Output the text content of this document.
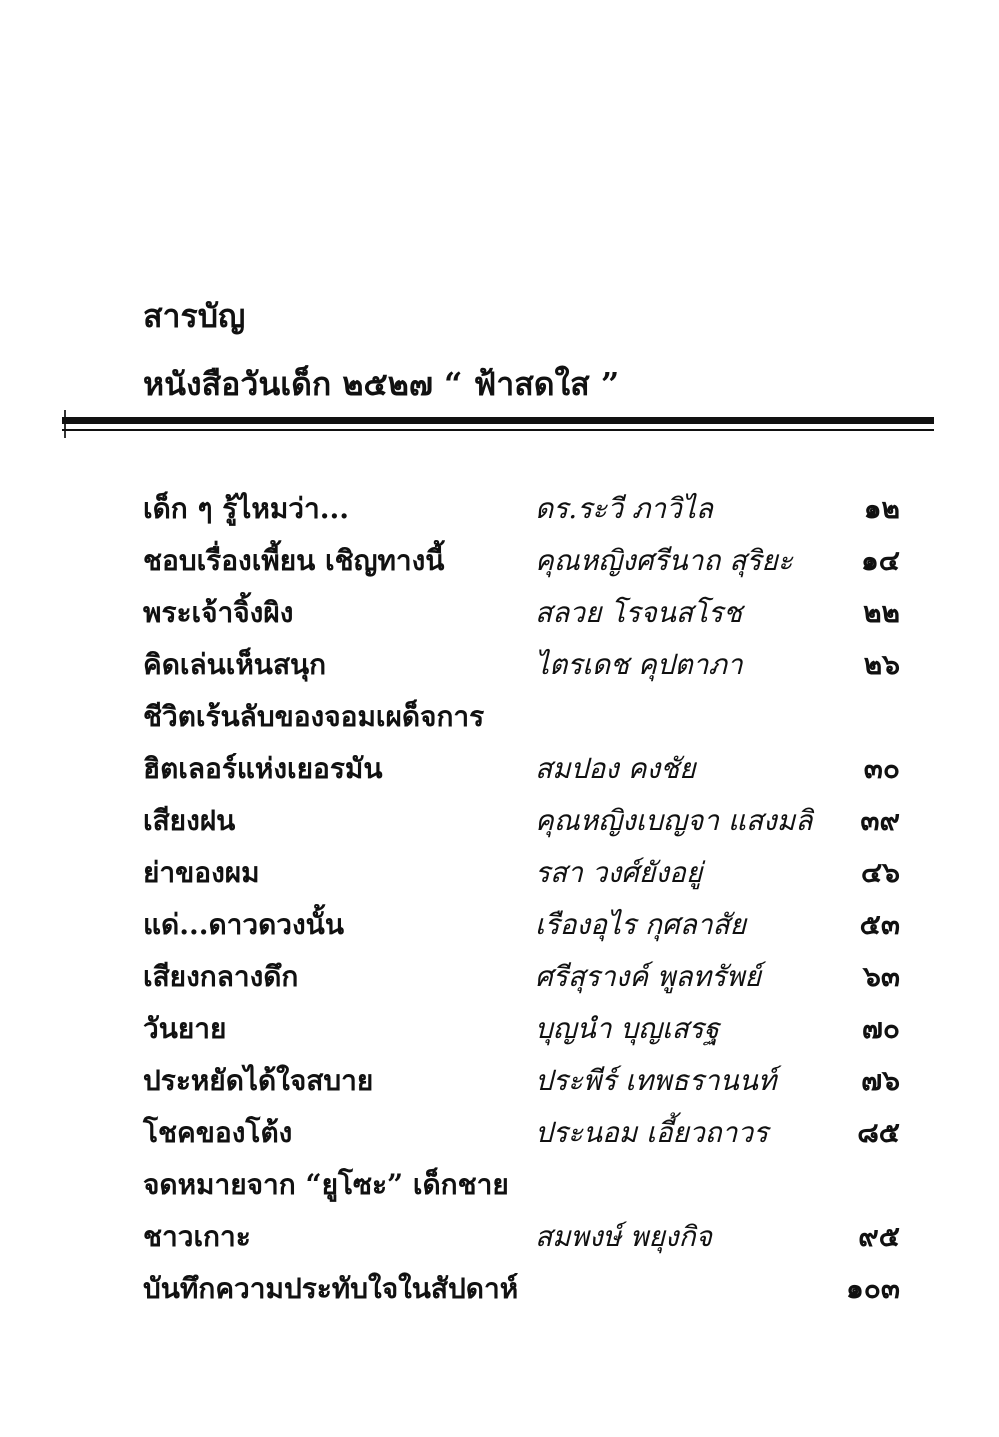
สารบัญ
หนังสือวันเด็ก ๒๕๒๗ “ ฟ้าสดใส ”
เด็ก ๆ รู้ไหมว่า...	ดร.ระวี ภาวิไล	๑๒
ชอบเรื่องเพี้ยน เชิญทางนี้	คุณหญิงศรีนาถ สุริยะ ๑๔
พระเจ้าจิ้งผิง	สลวย โรจนสโรช	๒๒
คิดเล่นเห็นสนุก	ไตรเดช คุปตาภา	๒๖
ชีวิตเร้นลับของจอมเผด็จการ
ฮิตเลอร์แห่งเยอรมัน	สมปอง คงชัย	๓๐
เสียงฝน	คุณหญิงเบญจา แสงมลิ ๓๙
ย่าของผม	รสา วงศ์ยังอยู่	๔๖
แด่...ดาวดวงนั้น	เรืองอุไร กุศลาสัย	๕๓
เสียงกลางดึก	ศรีสุรางค์ พูลทรัพย์	๖๓
วันยาย	บุญนำ บุญเสรฐ	๗๐
ประหยัดได้ใจสบาย	ประพีร์ เทพธรานนท์	๗๖
โชคของโต้ง	ประนอม เอี้ยวถาวร	๘๕
จดหมายจาก “ยูโซะ” เด็กชาย
ชาวเกาะ	สมพงษ์ พยุงกิจ	๙๕
บันทึกความประทับใจในสัปดาห์	๑๐๓
